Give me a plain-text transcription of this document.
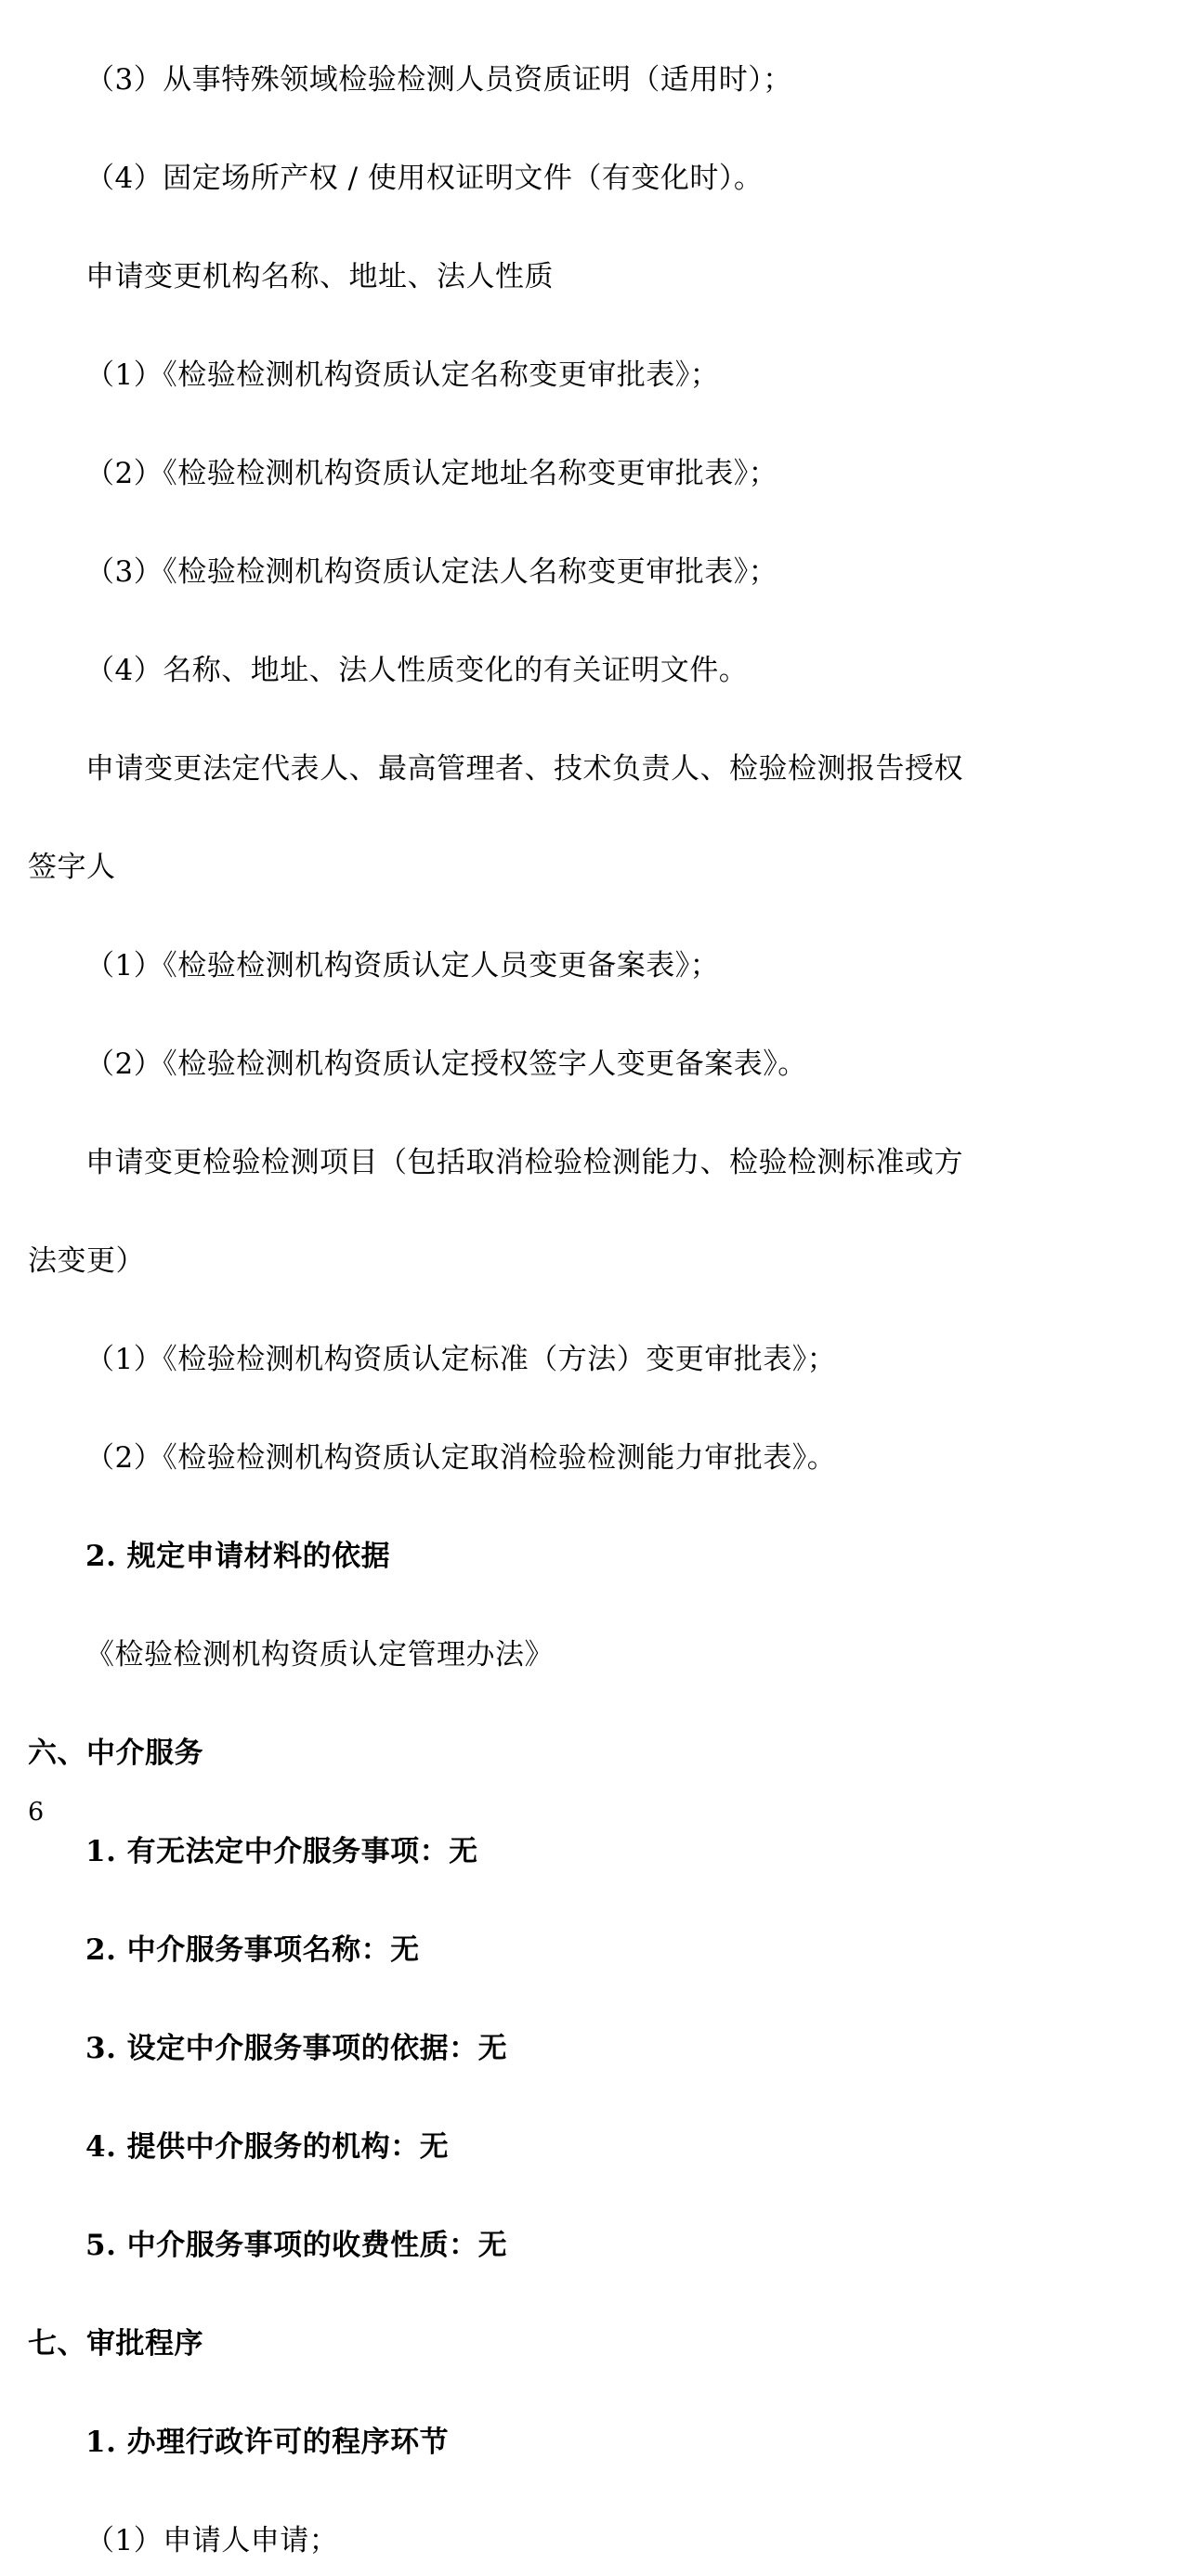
（3）从事特殊领域检验检测人员资质证明（适用时）；

（4）固定场所产权 / 使用权证明文件（有变化时）。

申请变更机构名称、地址、法人性质

（1）《检验检测机构资质认定名称变更审批表》；

（2）《检验检测机构资质认定地址名称变更审批表》；

（3）《检验检测机构资质认定法人名称变更审批表》；

（4）名称、地址、法人性质变化的有关证明文件。

申请变更法定代表人、最高管理者、技术负责人、检验检测报告授权

签字人

（1）《检验检测机构资质认定人员变更备案表》；

（2）《检验检测机构资质认定授权签字人变更备案表》。

申请变更检验检测项目（包括取消检验检测能力、检验检测标准或方

法变更）

（1）《检验检测机构资质认定标准（方法）变更审批表》；

（2）《检验检测机构资质认定取消检验检测能力审批表》。

2. 规定申请材料的依据

《检验检测机构资质认定管理办法》

六、中介服务

1. 有无法定中介服务事项：无

2. 中介服务事项名称：无

3. 设定中介服务事项的依据：无

4. 提供中介服务的机构：无

5. 中介服务事项的收费性质：无

七、审批程序

1. 办理行政许可的程序环节

（1）申请人申请；

6
